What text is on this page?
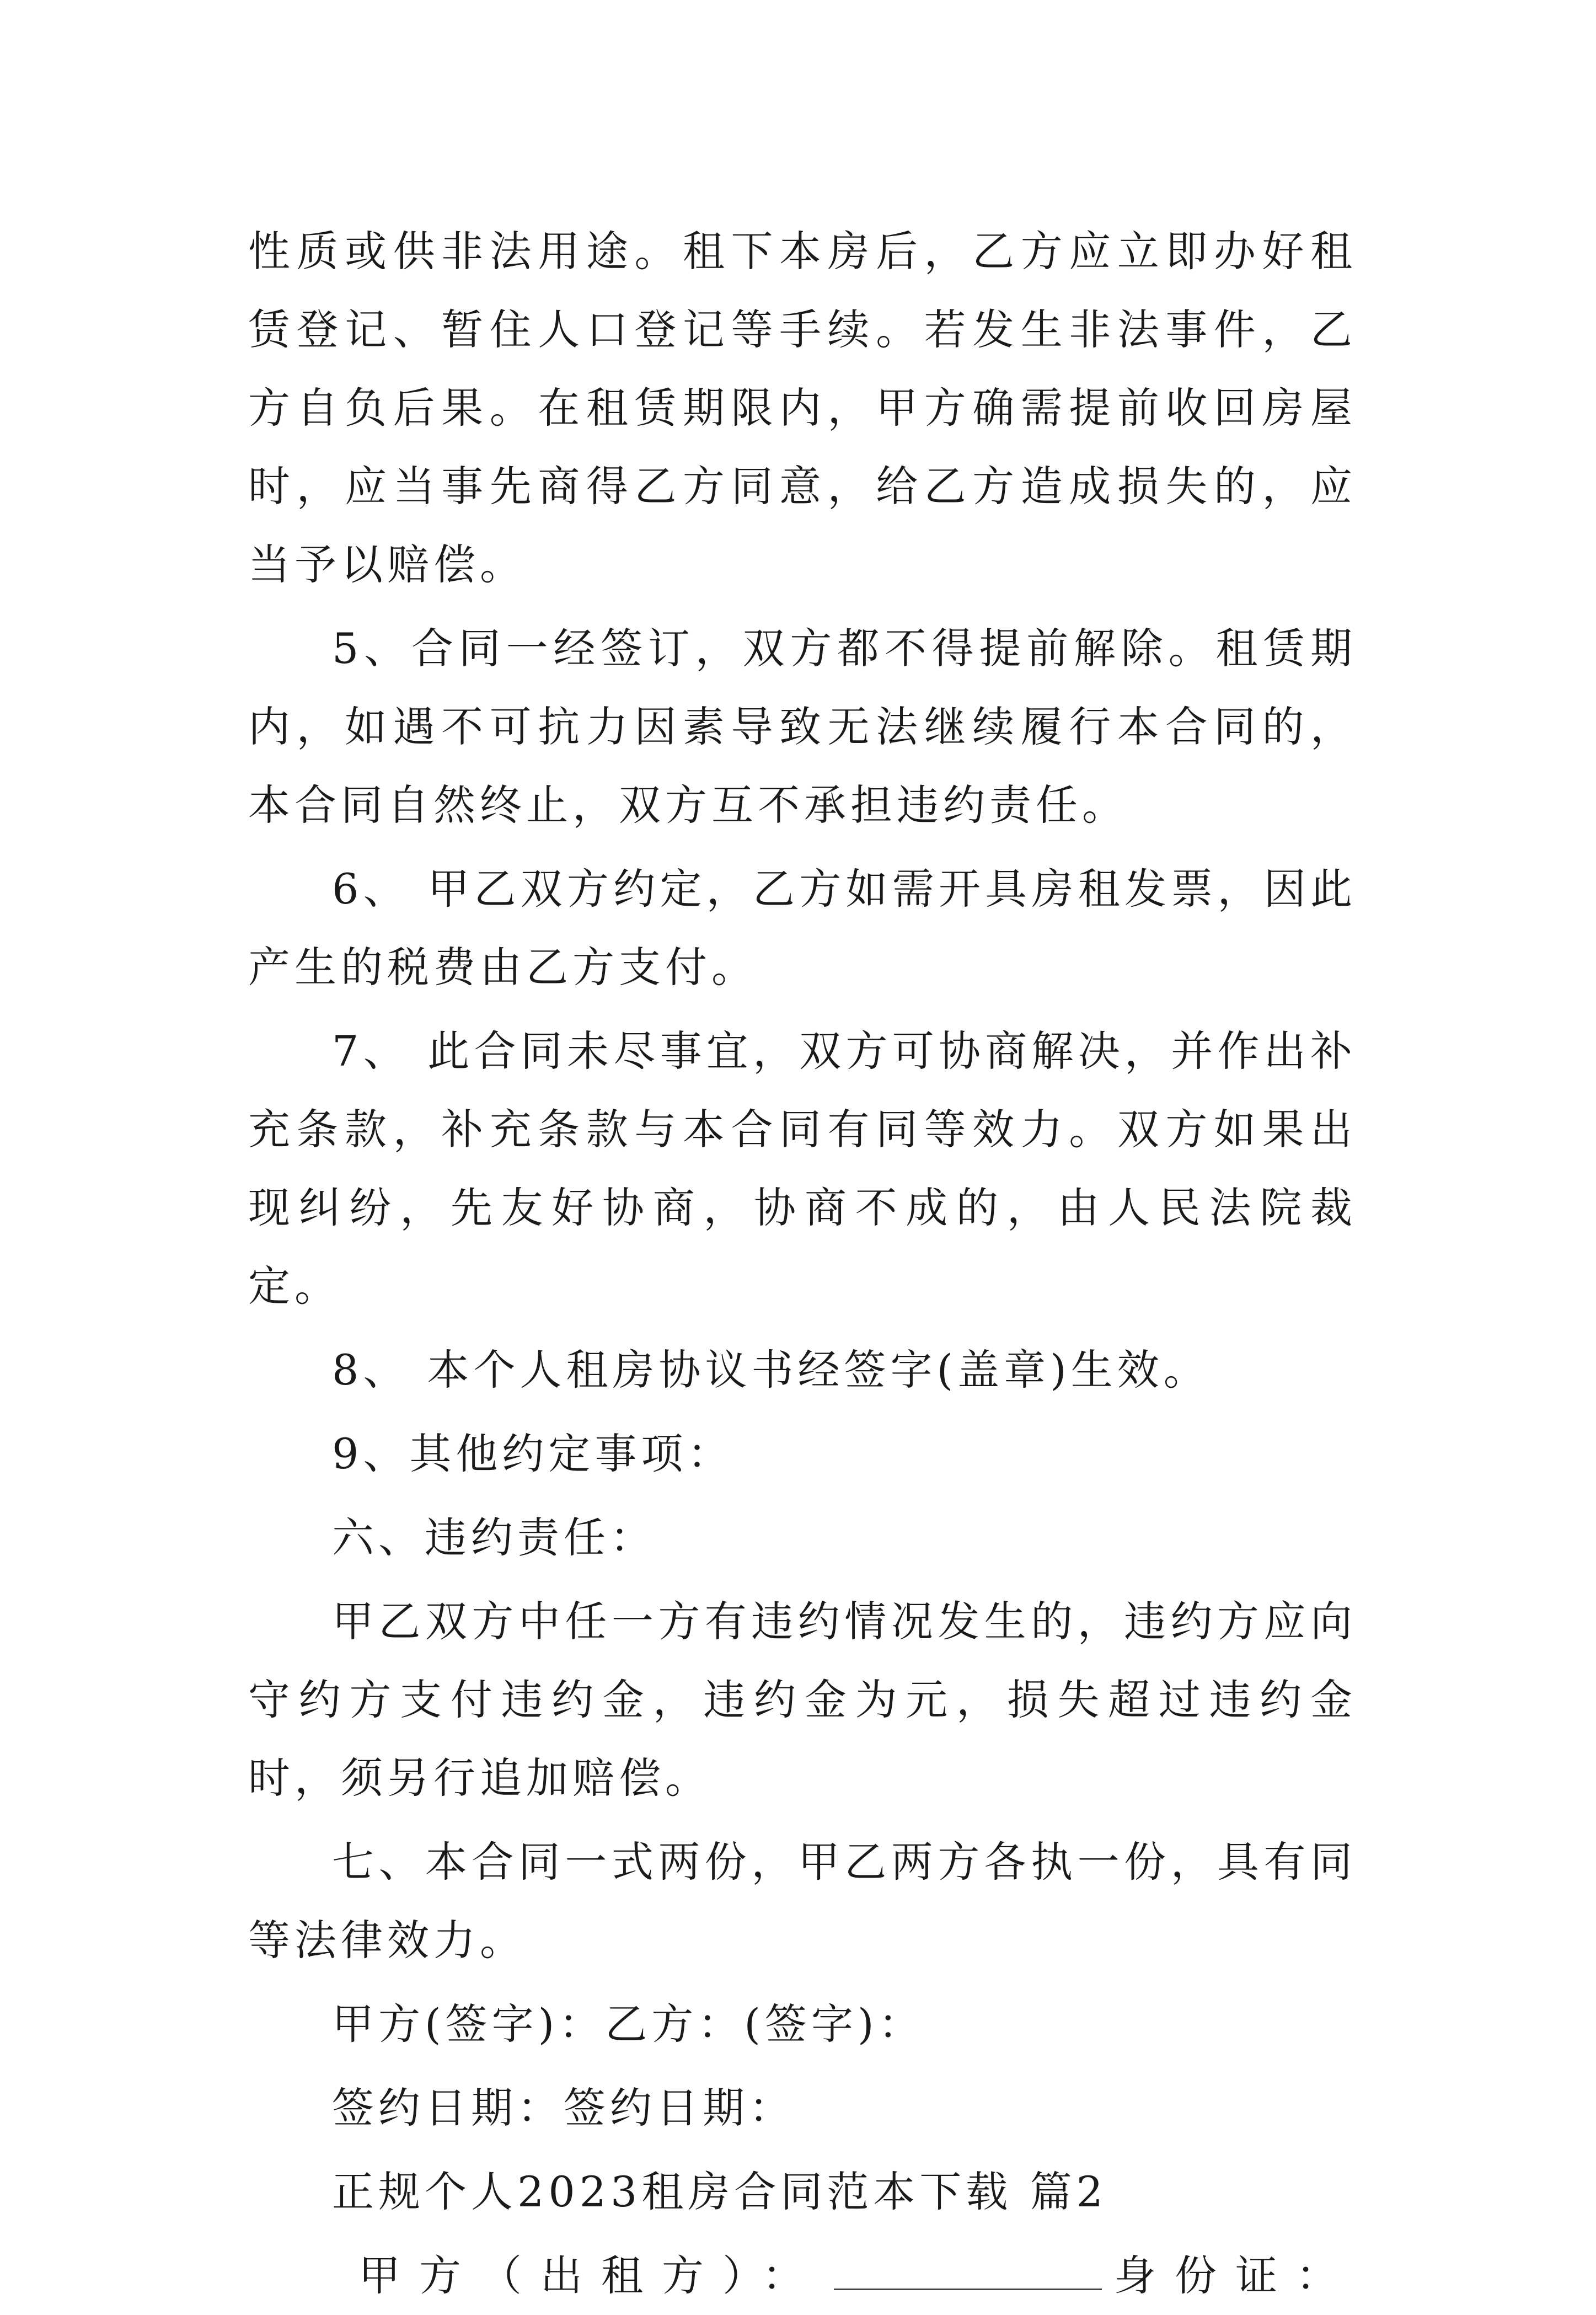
性质或供非法用途。租下本房后，乙方应立即办好租赁登记、暂住人口登记等手续。若发生非法事件，乙方自负后果。在租赁期限内，甲方确需提前收回房屋时，应当事先商得乙方同意，给乙方造成损失的，应当予以赔偿。

5、合同一经签订，双方都不得提前解除。租赁期内，如遇不可抗力因素导致无法继续履行本合同的，本合同自然终止，双方互不承担违约责任。

6、 甲乙双方约定，乙方如需开具房租发票，因此产生的税费由乙方支付。

7、 此合同未尽事宜，双方可协商解决，并作出补充条款，补充条款与本合同有同等效力。双方如果出现纠纷，先友好协商，协商不成的，由人民法院裁定。

8、 本个人租房协议书经签字(盖章)生效。

9、其他约定事项：

六、违约责任：

甲乙双方中任一方有违约情况发生的，违约方应向守约方支付违约金，违约金为元，损失超过违约金时，须另行追加赔偿。

七、本合同一式两份，甲乙两方各执一份，具有同等法律效力。

甲方(签字)：乙方：(签字)：

签约日期：签约日期：

正规个人2023租房合同范本下载 篇2

甲方（出租方）：	身份证：
